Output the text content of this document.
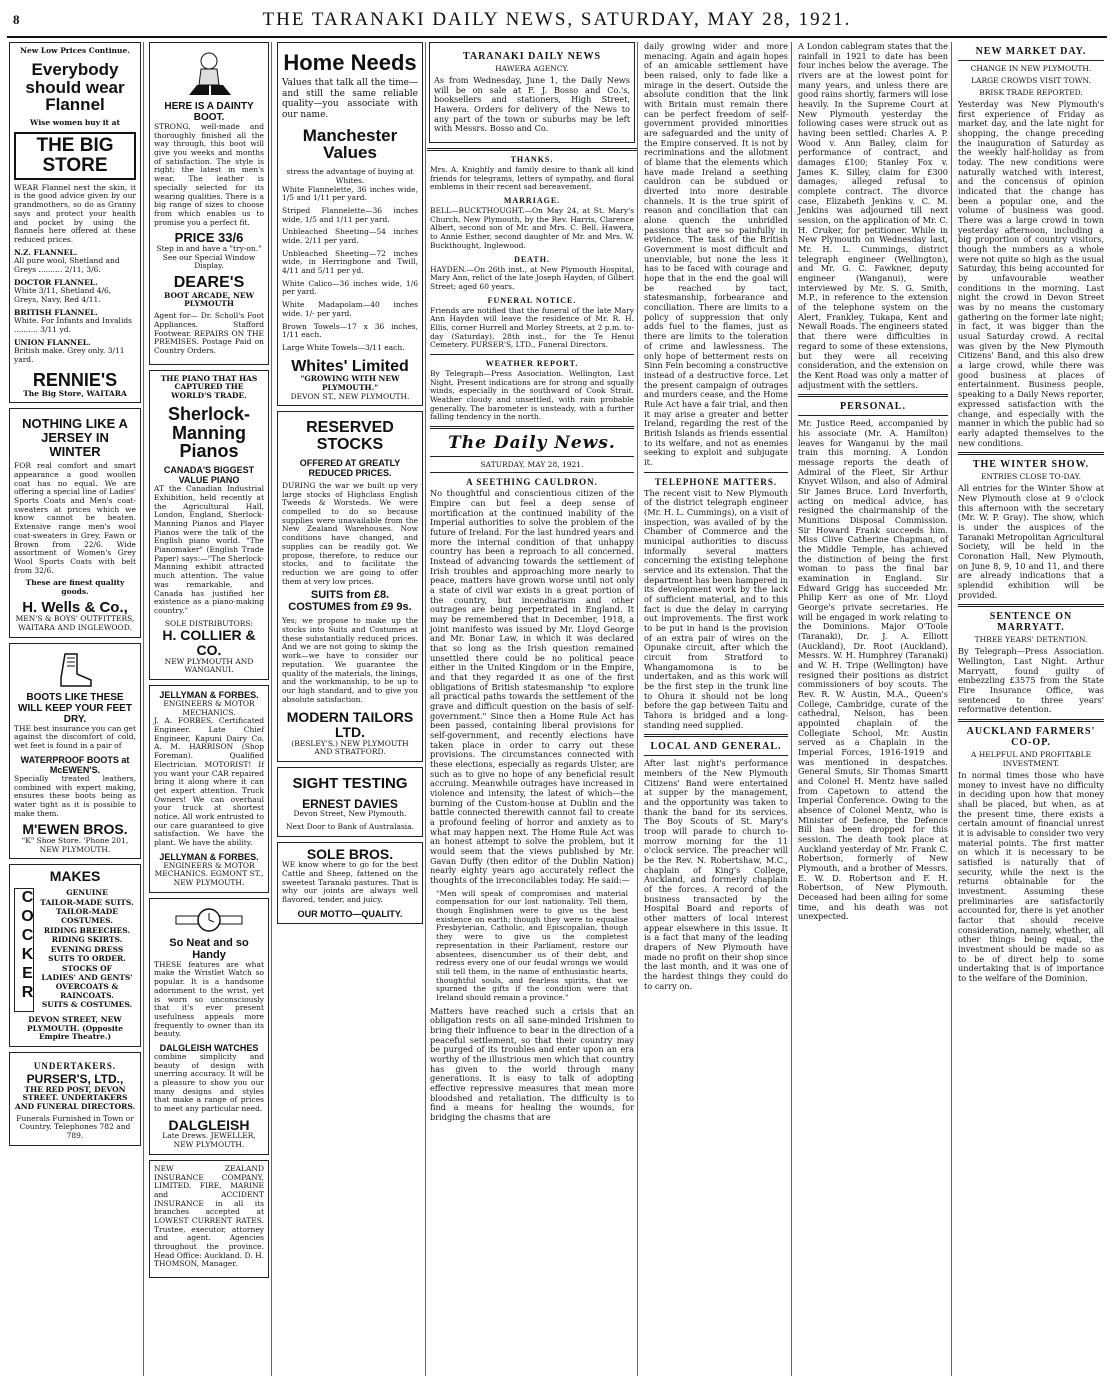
8	THE TARANAKI DAILY NEWS, SATURDAY, MAY 28, 1921.
New Low Prices Continue.
Everybody should wear Flannel
Wise women buy it at
THE BIG STORE

WEAR Flannel next the skin, it is the good advice given by our grandmothers, so do as Granny says and protect your health and pocket by using the flannels here offered at these reduced prices.

N.Z. FLANNEL.
All pure wool, Shetland and Greys .......... 2/11, 3/6.
DOCTOR FLANNEL.
White 3/11, Shetland 4/6, Greys, Navy, Red 4/11.
BRITISH FLANNEL.
White. For Infants and Invalids .......... 3/11 yd.
UNION FLANNEL.
British make. Grey only. 3/11 yard.
RENNIE'S
The Big Store, WAITARA
NOTHING LIKE A JERSEY IN WINTER

FOR real comfort and smart appearance a good woollen coat has no equal. We are offering a special line of Ladies' Sports Coats and Men's coat-sweaters at prices which we know cannot be beaten. Extensive range men's wool coat-sweaters in Grey, Fawn or Brown from 22/6. Wide assortment of Women's Grey Wool Sports Coats with belt from 32/6.

These are finest quality goods.
H. Wells & Co.,
MEN'S & BOYS' OUTFITTERS, WAITARA AND INGLEWOOD.
BOOTS LIKE THESE WILL KEEP YOUR FEET DRY.

THE best insurance you can get against the discomfort of cold, wet feet is found in a pair of

WATERPROOF BOOTS at McEWEN'S.

Specially treated leathers, combined with expert making, ensures these boots being as water tight as it is possible to make them.

M'EWEN BROS.
"K" Shoe Store. 'Phone 201, NEW PLYMOUTH.
MAKES
COCKER	GENUINE
TAILOR-MADE SUITS.
TAILOR-MADE COSTUMES.
RIDING BREECHES.
RIDING SKIRTS.
EVENING DRESS SUITS TO ORDER.
STOCKS OF
LADIES' AND GENTS' OVERCOATS & RAINCOATS.
SUITS & COSTUMES.
DEVON STREET, NEW PLYMOUTH. (Opposite Empire Theatre.)
UNDERTAKERS.
PURSER'S, LTD.,
THE RED POST, DEVON STREET. UNDERTAKERS AND FUNERAL DIRECTORS.
Funerals Furnished in Town or Country. Telephones 782 and 789.
HERE IS A DAINTY BOOT.

STRONG, well-made and thoroughly finished all the way through, this boot will give you weeks and months of satisfaction. The style is right; the latest in men's wear. The leather is specially selected for its wearing qualities. There is a big range of sizes to choose from which enables us to promise you a perfect fit.

PRICE 33/6
Step in and have a "try-on."
See our Special Window Display.
DEARE'S
BOOT ARCADE, NEW PLYMOUTH

Agent for— Dr. Scholl's Foot Appliances. Stafford Footwear. REPAIRS ON THE PREMISES. Postage Paid on Country Orders.

THE PIANO THAT HAS CAPTURED THE WORLD'S TRADE.
Sherlock-Manning Pianos
CANADA'S BIGGEST VALUE PIANO

AT the Canadian Industrial Exhibition, held recently at the Agricultural Hall, London, England, Sherlock-Manning Pianos and Player Pianos were the talk of the English piano world. "The Pianomaker" (English Trade Paper) says:—"The Sherlock-Manning exhibit attracted much attention. The value was remarkable, and Canada has justified her existence as a piano-making country."

SOLE DISTRIBUTORS:
H. COLLIER & CO.
NEW PLYMOUTH AND WANGANUI.
JELLYMAN & FORBES.
ENGINEERS & MOTOR MECHANICS.

J. A. FORBES, Certificated Engineer. Late Chief Engineer, Kapuni Dairy Co. A. M. HARRISON (Shop Foreman). Qualified Electrician. MOTORIST! If you want your CAR repaired bring it along where it can get expert attention. Truck Owners! We can overhaul your truck at shortest notice. All work entrusted to our care guaranteed to give satisfaction. We have the plant. We have the ability.

JELLYMAN & FORBES.
ENGINEERS & MOTOR MECHANICS. EGMONT ST., NEW PLYMOUTH.
So Neat and so Handy

THESE features are what make the Wristlet Watch so popular. It is a handsome adornment to the wrist, yet is worn so unconsciously that it's ever present usefulness appeals more frequently to owner than its beauty.

DALGLEISH WATCHES

combine simplicity and beauty of design with unerring accuracy. It will be a pleasure to show you our many designs and styles that make a range of prices to meet any particular need.

DALGLEISH
Late Drews. JEWELLER, NEW PLYMOUTH.

NEW ZEALAND INSURANCE COMPANY, LIMITED. FIRE, MARINE and ACCIDENT INSURANCE in all its branches accepted at LOWEST CURRENT RATES. Trustee, executor, attorney and agent. Agencies throughout the province. Head Office: Auckland. D. H. THOMSON, Manager.

Home Needs

Values that talk all the time—and still the same reliable quality—you associate with our name.

Manchester Values
stress the advantage of buying at Whites.

White Flannelette, 36 inches wide, 1/5 and 1/11 per yard.

Striped Flannelette—36 inches wide, 1/5 and 1/11 per yard.

Unbleached Sheeting—54 inches wide. 2/11 per yard.

Unbleached Sheeting—72 inches wide, in Herringbone and Twill, 4/11 and 5/11 per yd.

White Calico—36 inches wide, 1/6 per yard.

White Madapolam—40 inches wide. 1/- per yard.

Brown Towels—17 x 36 inches, 1/11 each.

Large White Towels—3/11 each.

Whites' Limited
"GROWING WITH NEW PLYMOUTH."
DEVON ST., NEW PLYMOUTH.
RESERVED STOCKS
OFFERED AT GREATLY REDUCED PRICES.

DURING the war we built up very large stocks of Highclass English Tweeds & Worsteds. We were compelled to do so because supplies were unavailable from the New Zealand Warehouses. Now conditions have changed, and supplies can be readily got. We propose, therefore, to reduce our stocks, and to facilitate the reduction we are going to offer them at very low prices.

SUITS from £8. COSTUMES from £9 9s.

Yes; we propose to make up the stocks into Suits and Costumes at these substantially reduced prices. And we are not going to skimp the work—we have to consider our reputation. We guarantee the quality of the materials, the linings, and the workmanship, to be up to our high standard, and to give you absolute satisfaction.

MODERN TAILORS LTD.
(BESLEY'S.) NEW PLYMOUTH AND STRATFORD.
SIGHT TESTING
ERNEST DAVIES
Devon Street, New Plymouth.
Next Door to Bank of Australasia.
SOLE BROS.

WE know where to go for the best Cattle and Sheep, fattened on the sweetest Taranaki pastures. That is why our joints are always well flavored, tender, and juicy.

OUR MOTTO—QUALITY.
TARANAKI DAILY NEWS
HAWERA AGENCY.

As from Wednesday, June 1, the Daily News will be on sale at F. J. Bosso and Co.'s, booksellers and stationers, High Street, Hawera. Orders for delivery of the News to any part of the town or suburbs may be left with Messrs. Bosso and Co.

THANKS.

Mrs. A. Knightly and family desire to thank all kind friends for telegrams, letters of sympathy, and floral emblems in their recent sad bereavement.

MARRIAGE.

BELL—BUCKTHOUGHT.—On May 24, at St. Mary's Church, New Plymouth, by the Rev. Harris, Clarence Albert, second son of Mr. and Mrs. C. Bell, Hawera, to Annie Esther, second daughter of Mr. and Mrs. W. Buckthought, Inglewood.

DEATH.

HAYDEN.—On 26th inst., at New Plymouth Hospital, Mary Ann, relict of the late Joseph Hayden, of Gilbert Street; aged 60 years.

FUNERAL NOTICE.

Friends are notified that the funeral of the late Mary Ann Hayden will leave the residence of Mr. R. H. Ellis, corner Hurrell and Morley Streets, at 2 p.m. to-day (Saturday), 28th inst., for the Te Henui Cemetery. PURSER'S, LTD., Funeral Directors.

WEATHER REPORT.

By Telegraph—Press Association. Wellington, Last Night. Present indications are for strong and squally winds, especially in the southward of Cook Strait. Weather cloudy and unsettled, with rain probable generally. The barometer is unsteady, with a further falling tendency in the north.

The Daily News.
SATURDAY, MAY 28, 1921.
A SEETHING CAULDRON.

No thoughtful and conscientious citizen of the Empire can but feel a deep sense of mortification at the continued inability of the Imperial authorities to solve the problem of the future of Ireland. For the last hundred years and more the internal condition of that unhappy country has been a reproach to all concerned. Instead of advancing towards the settlement of Irish troubles and approaching more nearly to peace, matters have grown worse until not only a state of civil war exists in a great portion of the country, but incendiarism and other outrages are being perpetrated in England. It may be remembered that in December, 1918, a joint manifesto was issued by Mr. Lloyd George and Mr. Bonar Law, in which it was declared that so long as the Irish question remained unsettled there could be no political peace either in the United Kingdom or in the Empire, and that they regarded it as one of the first obligations of British statesmanship "to explore all practical paths towards the settlement of the grave and difficult question on the basis of self-government." Since then a Home Rule Act has been passed, containing liberal provisions for self-government, and recently elections have taken place in order to carry out these provisions. The circumstances connected with these elections, especially as regards Ulster, are such as to give no hope of any beneficial result accruing. Meanwhile outrages have increased in violence and intensity, the latest of which—the burning of the Custom-house at Dublin and the battle connected therewith cannot fail to create a profound feeling of horror and anxiety as to what may happen next. The Home Rule Act was an honest attempt to solve the problem, but it would seem that the views published by Mr. Gavan Duffy (then editor of the Dublin Nation) nearly eighty years ago accurately reflect the thoughts of the irreconcilables today. He said:—

"Men will speak of compromises and material compensation for our lost nationality. Tell them, though Englishmen were to give us the best existence on earth; though they were to equalise Presbyterian, Catholic, and Episcopalian, though they were to give us the completest representation in their Parliament, restore our absentees, disencumber us of their debt, and redress every one of our feudal wrongs we would still tell them, in the name of enthusiastic hearts, thoughtful souls, and fearless spirits, that we spurned the gifts if the condition were that Ireland should remain a province."

Matters have reached such a crisis that an obligation rests on all sane-minded Irishmen to bring their influence to bear in the direction of a peaceful settlement, so that their country may be purged of its troubles and enter upon an era worthy of the illustrious men which that country has given to the world through many generations. It is easy to talk of adopting effective repressive measures that mean more bloodshed and retaliation. The difficulty is to find a means for healing the wounds, for bridging the chasms that are

daily growing wider and more menacing. Again and again hopes of an amicable settlement have been raised, only to fade like a mirage in the desert. Outside the absolute condition that the link with Britain must remain there can be perfect freedom of self-government provided minorities are safeguarded and the unity of the Empire conserved. It is not by recriminations and the allotment of blame that the elements which have made Ireland a seething cauldron can be subdued or diverted into more desirable channels. It is the true spirit of reason and conciliation that can alone quench the unbridled passions that are so painfully in evidence. The task of the British Government is most difficult and unenviable, but none the less it has to be faced with courage and hope that in the end the goal will be reached by tact, statesmanship, forbearance and conciliation. There are limits to a policy of suppression that only adds fuel to the flames, just as there are limits to the toleration of crime and lawlessness. The only hope of betterment rests on Sinn Fein becoming a constructive instead of a destructive force. Let the present campaign of outrages and murders cease, and the Home Rule Act have a fair trial, and then it may arise a greater and better Ireland, regarding the rest of the British Islands as friends essential to its welfare, and not as enemies seeking to exploit and subjugate it.

TELEPHONE MATTERS.

The recent visit to New Plymouth of the district telegraph engineer (Mr. H. L. Cummings), on a visit of inspection, was availed of by the Chamber of Commerce and the municipal authorities to discuss informally several matters concerning the existing telephone service and its extension. That the department has been hampered in its development work by the lack of sufficient material, and to this fact is due the delay in carrying out improvements. The first work to be put in hand is the provision of an extra pair of wires on the Opunake circuit, after which the circuit from Stratford to Whangamomona is to be undertaken, and as this work will be the first step in the trunk line to Ohura it should not be long before the gap between Taitu and Tahora is bridged and a long-standing need supplied.

LOCAL AND GENERAL.

After last night's performance members of the New Plymouth Citizens' Band were entertained at supper by the management, and the opportunity was taken to thank the band for its services. The Boy Scouts of St. Mary's troop will parade to church to-morrow morning for the 11 o'clock service. The preacher will be the Rev. N. Robertshaw, M.C., chaplain of King's College, Auckland, and formerly chaplain of the forces. A record of the business transacted by the Hospital Board and reports of other matters of local interest appear elsewhere in this issue. It is a fact that many of the leading drapers of New Plymouth have made no profit on their shop since the last month, and it was one of the hardest things they could do to carry on.

A London cablegram states that the rainfall in 1921 to date has been four inches below the average. The rivers are at the lowest point for many years, and unless there are good rains shortly, farmers will lose heavily. In the Supreme Court at New Plymouth yesterday the following cases were struck out as having been settled: Charles A. P. Wood v. Ann Bailey, claim for performance of contract, and damages £100; Stanley Fox v. James K. Silley, claim for £300 damages, alleged refusal to complete contract. The divorce case, Elizabeth Jenkins v. C. M. Jenkins was adjourned till next session, on the application of Mr. C. H. Cruker, for petitioner. While in New Plymouth on Wednesday last, Mr. H. L. Cummings, district telegraph engineer (Wellington), and Mr. G. C. Fawkner, deputy engineer (Wanganui), were interviewed by Mr. S. G. Smith, M.P., in reference to the extension of the telephone system on the Alert, Frankley, Tukapa, Kent and Newall Roads. The engineers stated that there were difficulties in regard to some of these extensions, but they were all receiving consideration, and the extension on the Kent Road was only a matter of adjustment with the settlers.

PERSONAL.

Mr. Justice Reed, accompanied by his associate (Mr. A. Hamilton) leaves for Wanganui by the mail train this morning. A London message reports the death of Admiral of the Fleet, Sir Arthur Knyvet Wilson, and also of Admiral Sir James Bruce. Lord Inverforth, acting on medical advice, has resigned the chairmanship of the Munitions Disposal Commission. Sir Howard Frank succeeds him. Miss Clive Catherine Chapman, of the Middle Temple, has achieved the distinction of being the first woman to pass the final bar examination in England. Sir Edward Grigg has succeeded Mr. Philip Kerr as one of Mr. Lloyd George's private secretaries. He will be engaged in work relating to the Dominions. Major O'Toole (Taranaki), Dr. J. A. Elliott (Auckland), Dr. Root (Auckland), Messrs. W. H. Humphrey (Taranaki) and W. H. Tripe (Wellington) have resigned their positions as district commissioners of boy scouts. The Rev. R. W. Austin, M.A., Queen's College, Cambridge, curate of the cathedral, Nelson, has been appointed chaplain of the Collegiate School, Mr. Austin served as a Chaplain in the Imperial Forces, 1916-1919 and was mentioned in despatches. General Smuts, Sir Thomas Smartt and Colonel H. Mentz have sailed from Capetown to attend the Imperial Conference. Owing to the absence of Colonel Mentz, who is Minister of Defence, the Defence Bill has been dropped for this session. The death took place at Auckland yesterday of Mr. Frank C. Robertson, formerly of New Plymouth, and a brother of Messrs. E. W. D. Robertson and F. H. Robertson, of New Plymouth. Deceased had been ailing for some time, and his death was not unexpected.

NEW MARKET DAY.
CHANGE IN NEW PLYMOUTH.
LARGE CROWDS VISIT TOWN.
BRISK TRADE REPORTED.

Yesterday was New Plymouth's first experience of Friday as market day, and the late night for shopping, the change preceding the inauguration of Saturday as the weekly half-holiday as from today. The new conditions were naturally watched with interest, and the concensus of opinion indicated that the change has been a popular one, and the volume of business was good. There was a large crowd in town yesterday afternoon, including a big proportion of country visitors, though the numbers as a whole were not quite so high as the usual Saturday, this being accounted for by unfavourable weather conditions in the morning. Last night the crowd in Devon Street was by no means the customary gathering on the former late night; in fact, it was bigger than the usual Saturday crowd. A recital was given by the New Plymouth Citizens' Band, and this also drew a large crowd, while there was good business at places of entertainment. Business people, speaking to a Daily News reporter, expressed satisfaction with the change, and especially with the manner in which the public had so early adapted themselves to the new conditions.

THE WINTER SHOW.
ENTRIES CLOSE TO-DAY.

All entries for the Winter Show at New Plymouth close at 9 o'clock this afternoon with the secretary (Mr. W. P. Gray). The show, which is under the auspices of the Taranaki Metropolitan Agricultural Society, will be held in the Coronation Hall, New Plymouth, on June 8, 9, 10 and 11, and there are already indications that a splendid exhibition will be provided.

SENTENCE ON MARRYATT.
THREE YEARS' DETENTION.

By Telegraph—Press Association. Wellington, Last Night. Arthur Marryatt, found guilty of embezzling £3575 from the State Fire Insurance Office, was sentenced to three years' reformative detention.

AUCKLAND FARMERS' CO-OP.
A HELPFUL AND PROFITABLE INVESTMENT.

In normal times those who have money to invest have no difficulty in deciding upon how that money shall be placed, but when, as at the present time, there exists a certain amount of financial unrest it is advisable to consider two very material points. The first matter on which it is necessary to be satisfied is naturally that of security, while the next is the returns obtainable for the investment. Assuming these preliminaries are satisfactorily accounted for, there is yet another factor that should receive consideration, namely, whether, all other things being equal, the investment should be made so as to be of direct help to some undertaking that is of importance to the welfare of the Dominion.
